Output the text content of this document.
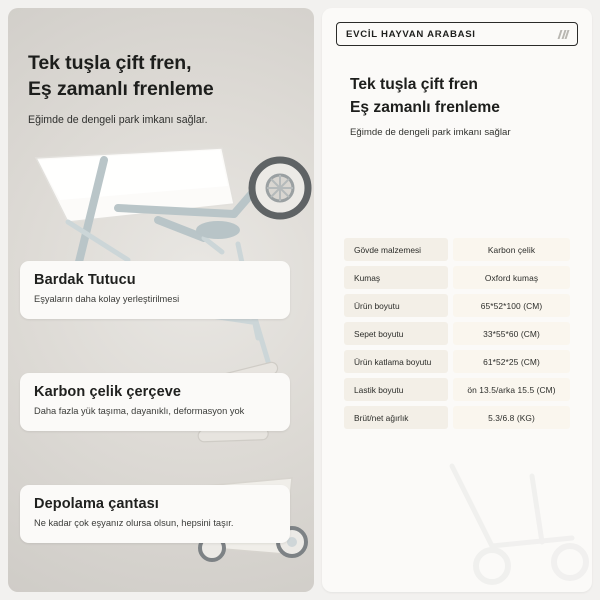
Tek tuşla çift fren,
Eş zamanlı frenleme
Eğimde de dengeli park imkanı sağlar.
Bardak Tutucu
Eşyaların daha kolay yerleştirilmesi
Karbon çelik çerçeve
Daha fazla yük taşıma, dayanıklı, deformasyon yok
Depolama çantası
Ne kadar çok eşyanız olursa olsun, hepsini taşır.
EVCİL HAYVAN ARABASI
Tek tuşla çift fren
Eş zamanlı frenleme
Eğimde de dengeli park imkanı sağlar
Gövde malzemesi	Karbon çelik
Kumaş	Oxford kumaş
Ürün boyutu	65*52*100 (CM)
Sepet boyutu	33*55*60 (CM)
Ürün katlama boyutu	61*52*25 (CM)
Lastik boyutu	ön 13.5/arka 15.5 (CM)
Brüt/net ağırlık	5.3/6.8 (KG)
